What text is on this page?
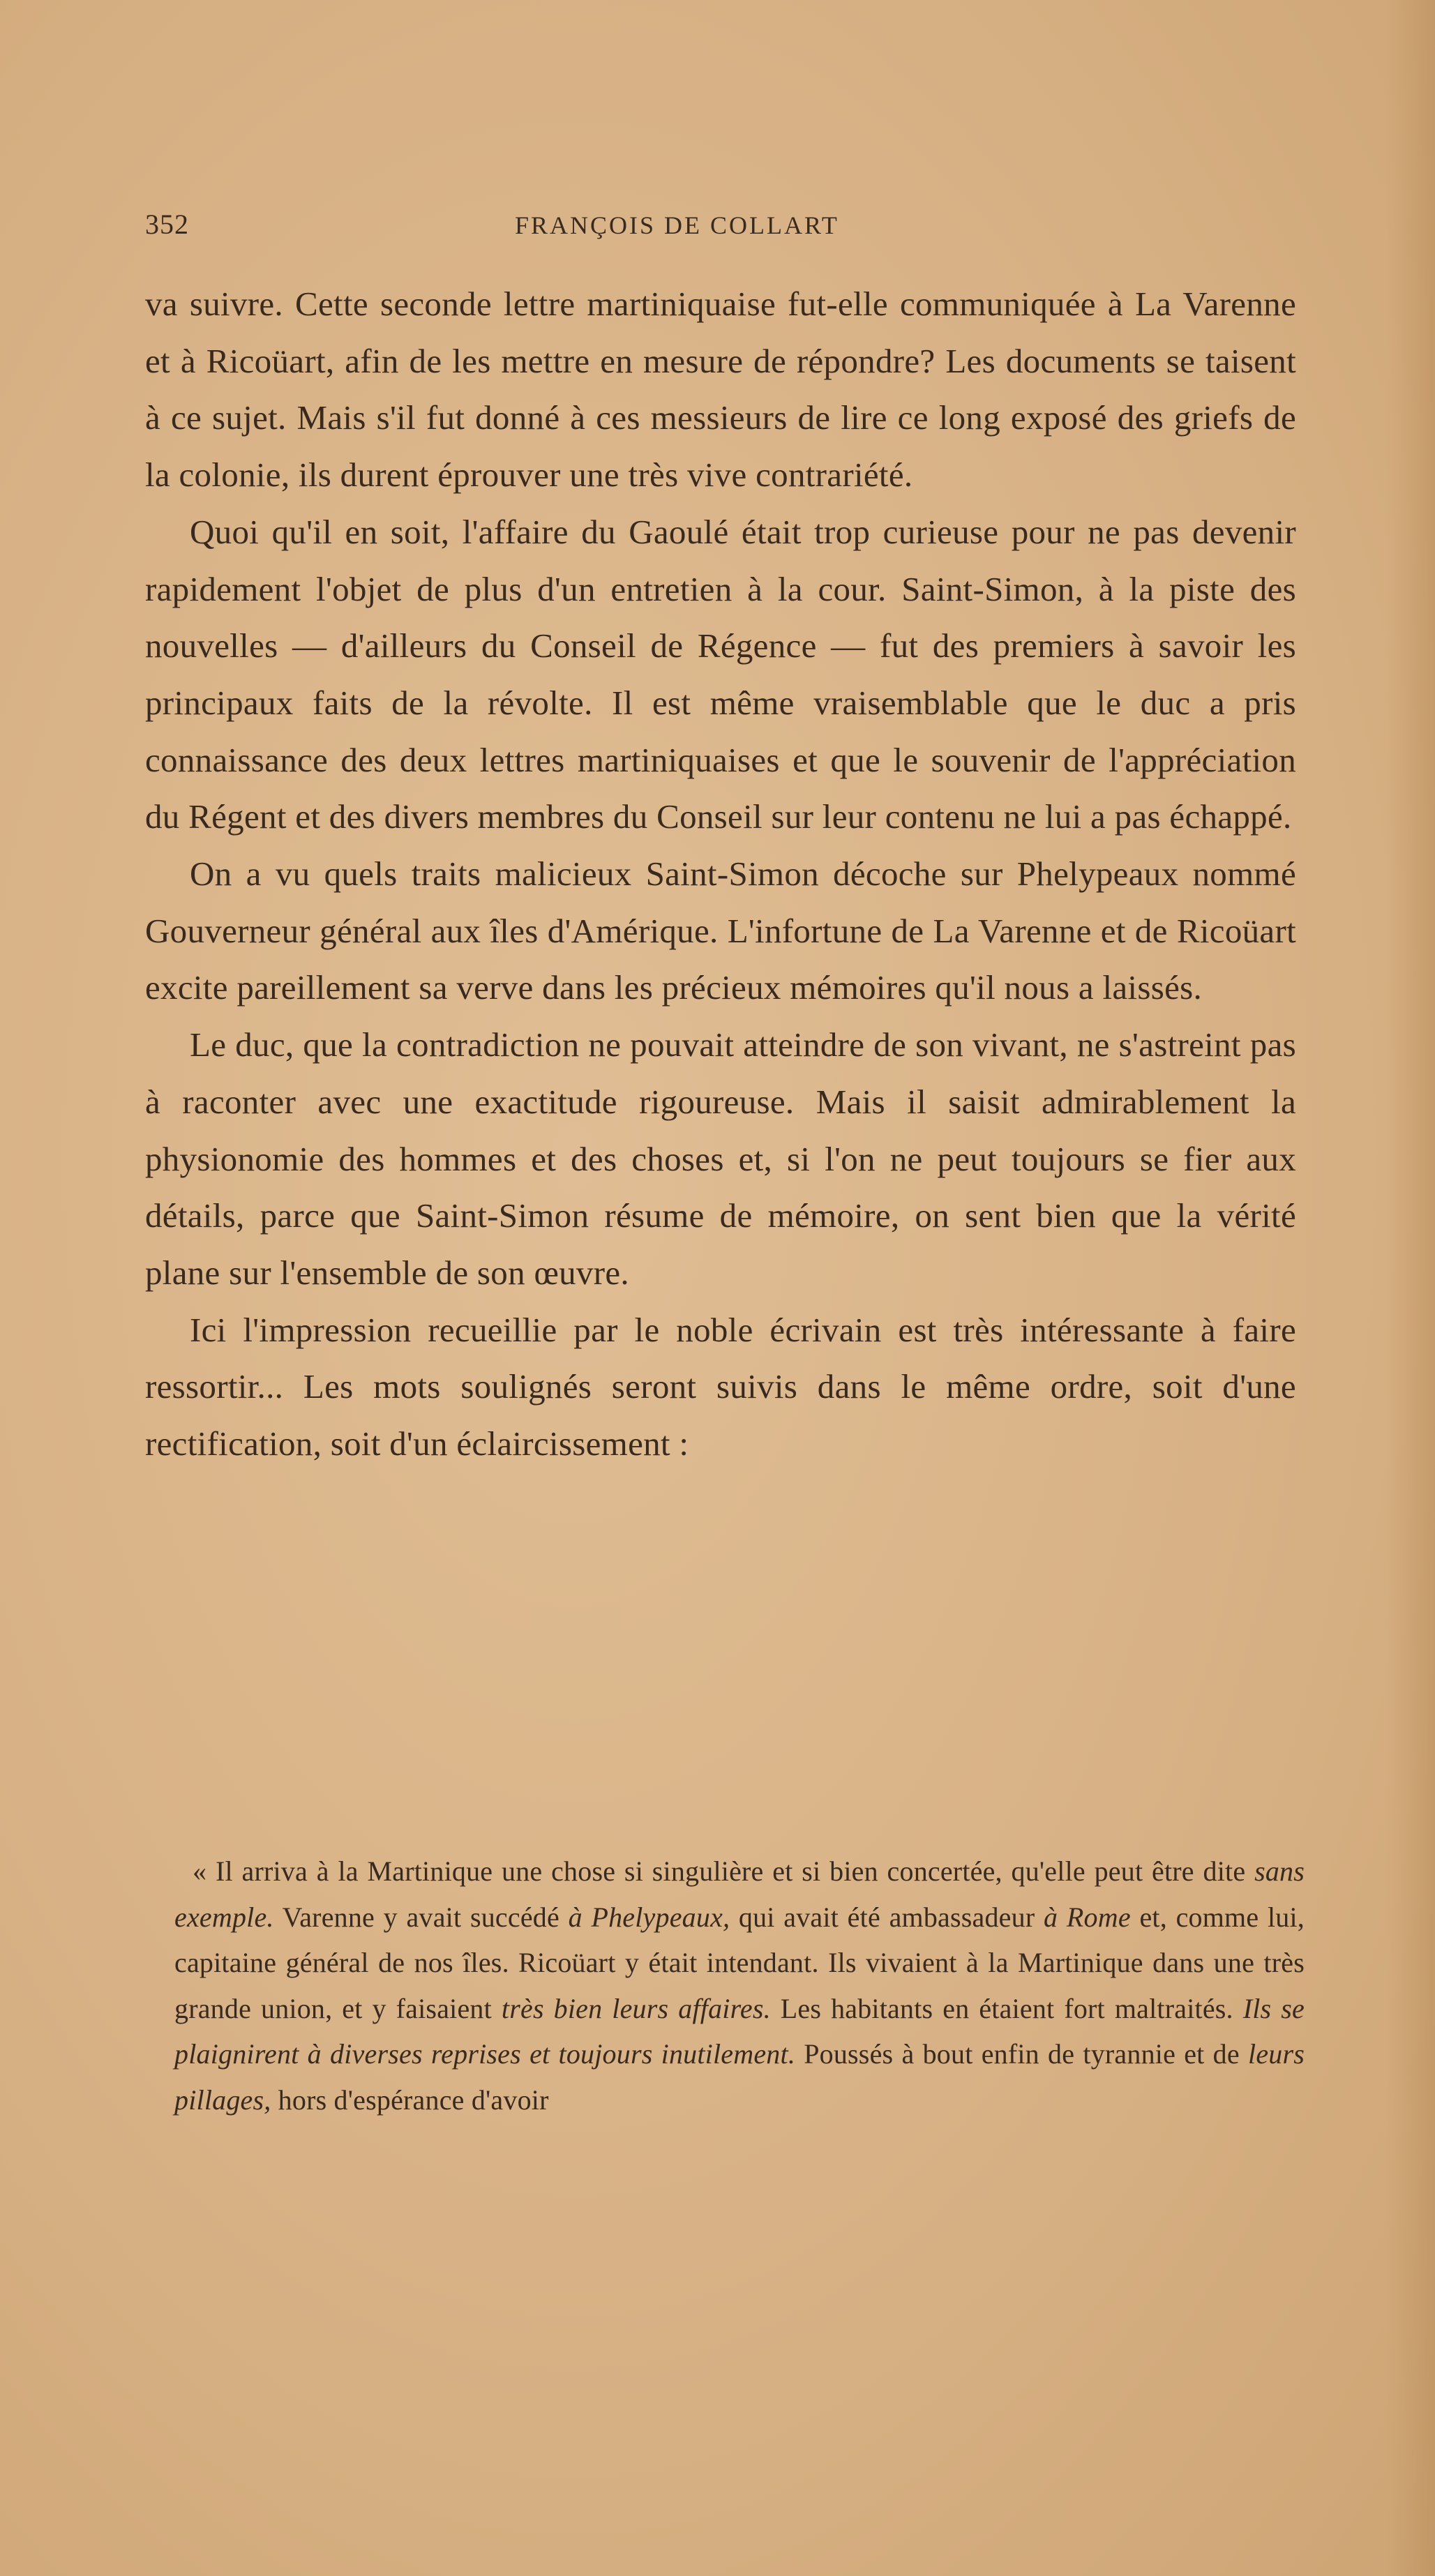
352	FRANÇOIS DE COLLART

va suivre. Cette seconde lettre martiniquaise fut-elle communiquée à La Varenne et à Ricoüart, afin de les mettre en mesure de répondre? Les documents se taisent à ce sujet. Mais s'il fut donné à ces messieurs de lire ce long exposé des griefs de la colonie, ils durent éprouver une très vive contrariété.

Quoi qu'il en soit, l'affaire du Gaoulé était trop curieuse pour ne pas devenir rapidement l'objet de plus d'un entretien à la cour. Saint-Simon, à la piste des nouvelles — d'ailleurs du Conseil de Régence — fut des premiers à savoir les principaux faits de la révolte. Il est même vraisemblable que le duc a pris connaissance des deux lettres martiniquaises et que le souvenir de l'appréciation du Régent et des divers membres du Conseil sur leur contenu ne lui a pas échappé.

On a vu quels traits malicieux Saint-Simon décoche sur Phelypeaux nommé Gouverneur général aux îles d'Amérique. L'infortune de La Varenne et de Ricoüart excite pareillement sa verve dans les précieux mémoires qu'il nous a laissés.

Le duc, que la contradiction ne pouvait atteindre de son vivant, ne s'astreint pas à raconter avec une exactitude rigoureuse. Mais il saisit admirablement la physionomie des hommes et des choses et, si l'on ne peut toujours se fier aux détails, parce que Saint-Simon résume de mémoire, on sent bien que la vérité plane sur l'ensemble de son œuvre.

Ici l'impression recueillie par le noble écrivain est très intéressante à faire ressortir... Les mots soulignés seront suivis dans le même ordre, soit d'une rectification, soit d'un éclaircissement :

« Il arriva à la Martinique une chose si singulière et si bien concertée, qu'elle peut être dite sans exemple. Varenne y avait succédé à Phelypeaux, qui avait été ambassadeur à Rome et, comme lui, capitaine général de nos îles. Ricoüart y était intendant. Ils vivaient à la Martinique dans une très grande union, et y faisaient très bien leurs affaires. Les habitants en étaient fort maltraités. Ils se plaignirent à diverses reprises et toujours inutilement. Poussés à bout enfin de tyrannie et de leurs pillages, hors d'espérance d'avoir
